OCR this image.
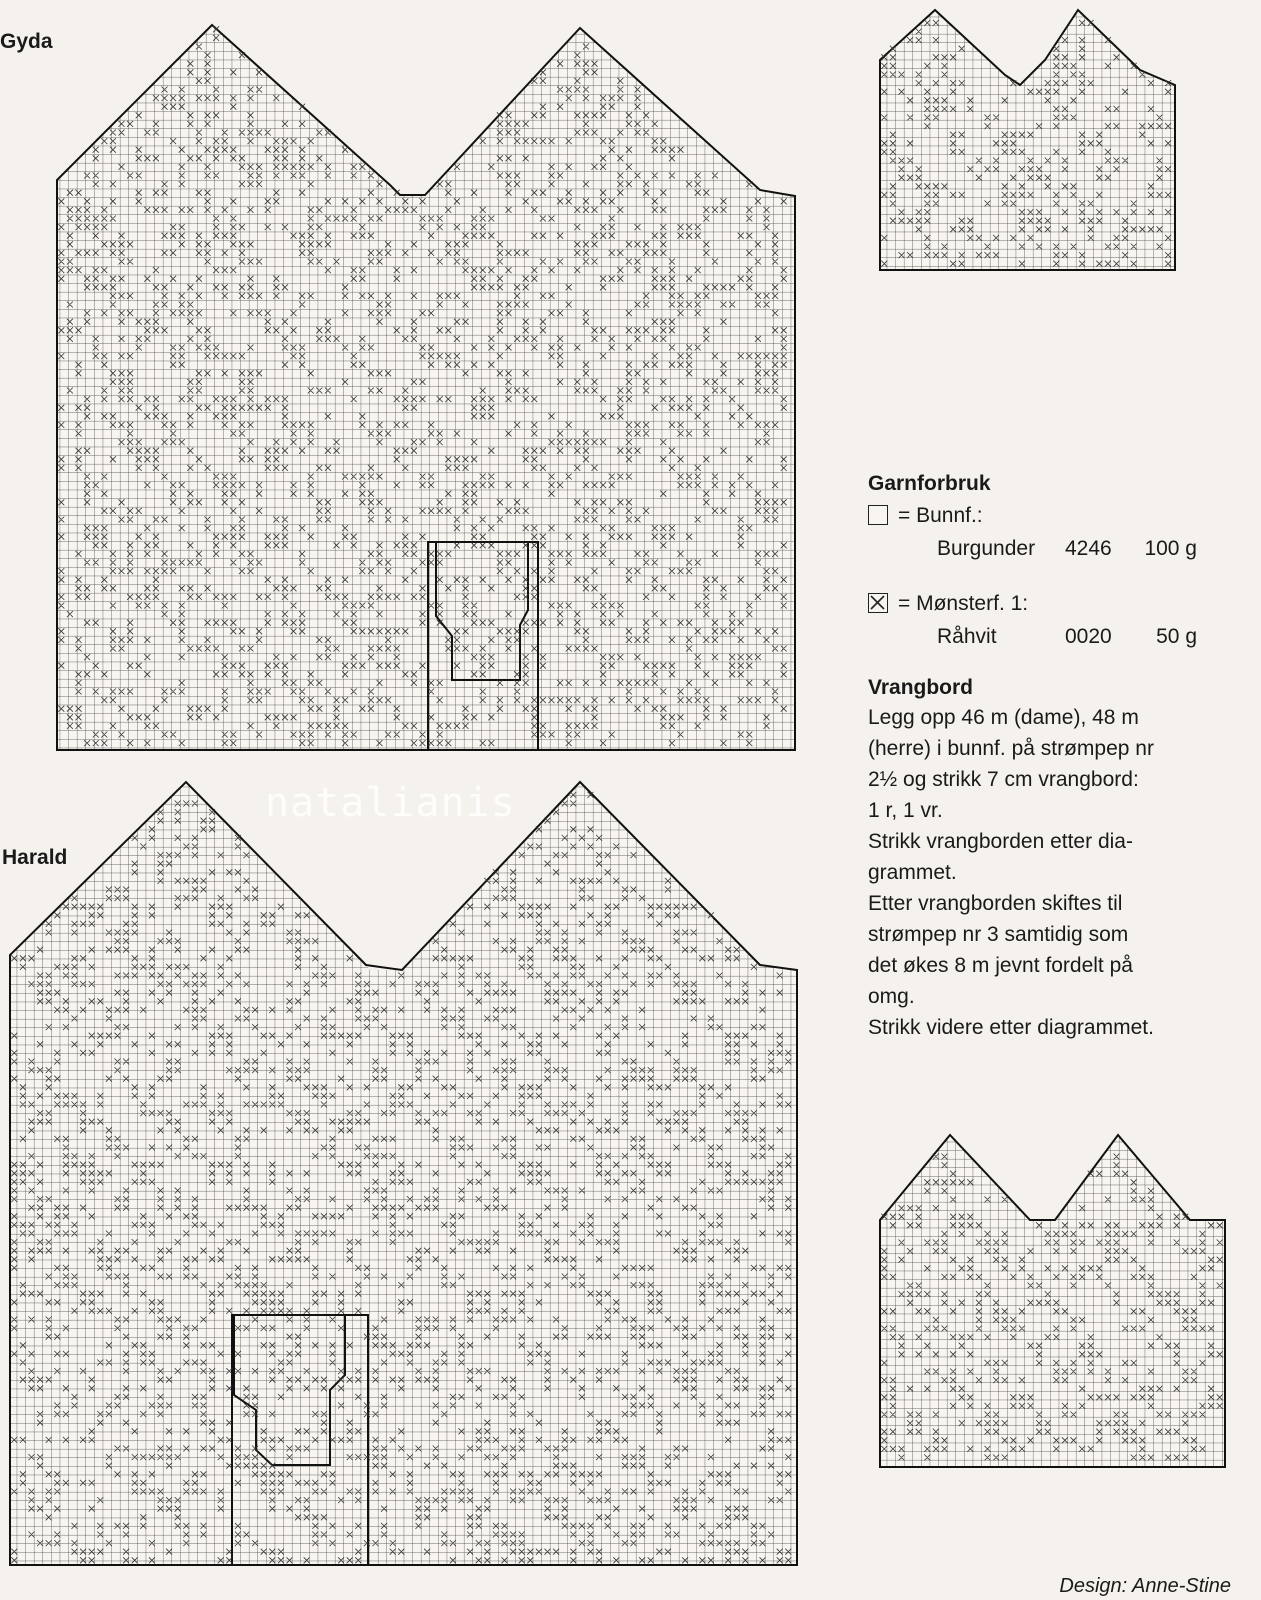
Gyda
Harald
natalianis
Garnforbruk
= Bunnf.:
Burgunder	4246	100 g
= Mønsterf. 1:
Råhvit	0020	50 g
Vrangbord

Legg opp 46 m (dame), 48 m

(herre) i bunnf. på strømpep nr

2½ og strikk 7 cm vrangbord:

1 r, 1 vr.

Strikk vrangborden etter dia-

grammet.

Etter vrangborden skiftes til

strømpep nr 3 samtidig som

det økes 8 m jevnt fordelt på

omg.

Strikk videre etter diagrammet.

Design: Anne-Stine
